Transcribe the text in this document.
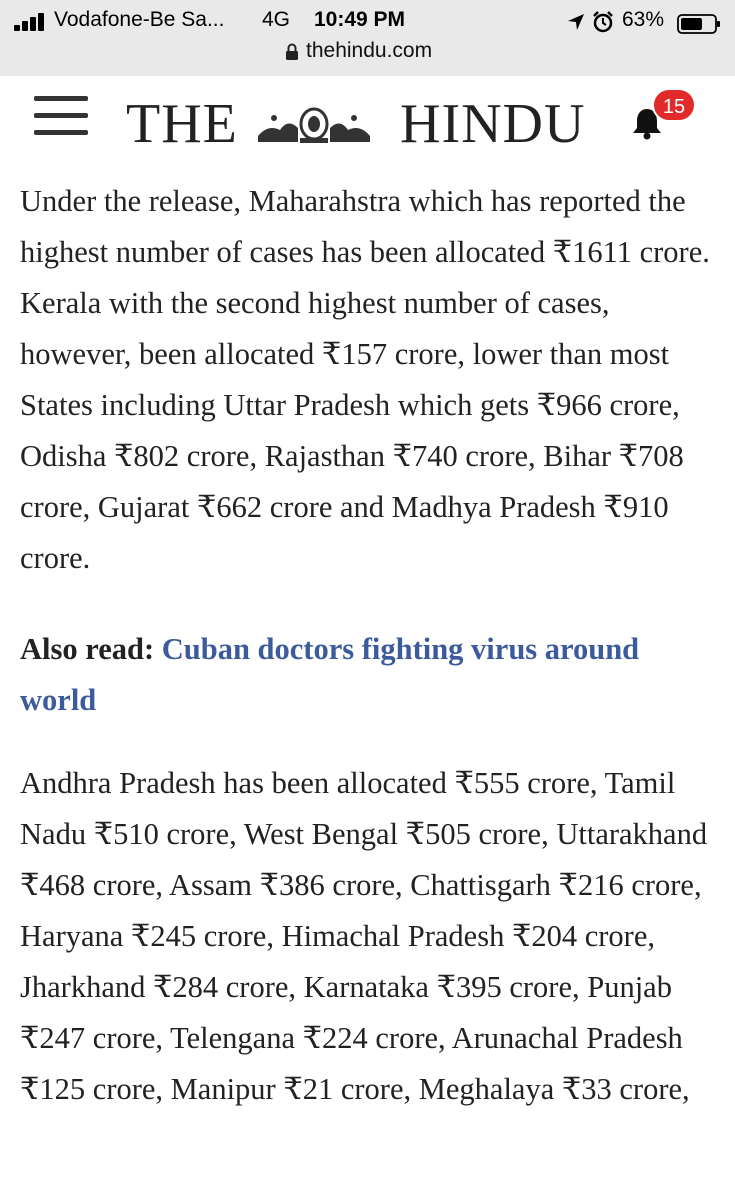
Vodafone-Be Sa... 4G 10:49 PM	63%
thehindu.com
THE	HINDU	15

Under the release, Maharahstra which has reported the highest number of cases has been allocated ₹1611 crore. Kerala with the second highest number of cases, however, been allocated ₹157 crore, lower than most States including Uttar Pradesh which gets ₹966 crore, Odisha ₹802 crore, Rajasthan ₹740 crore, Bihar ₹708 crore, Gujarat ₹662 crore and Madhya Pradesh ₹910 crore.

Also read: Cuban doctors fighting virus around world

Andhra Pradesh has been allocated ₹555 crore, Tamil Nadu ₹510 crore, West Bengal ₹505 crore, Uttarakhand ₹468 crore, Assam ₹386 crore, Chattisgarh ₹216 crore, Haryana ₹245 crore, Himachal Pradesh ₹204 crore, Jharkhand ₹284 crore, Karnataka ₹395 crore, Punjab ₹247 crore, Telengana ₹224 crore, Arunachal Pradesh ₹125 crore, Manipur ₹21 crore, Meghalaya ₹33 crore,
